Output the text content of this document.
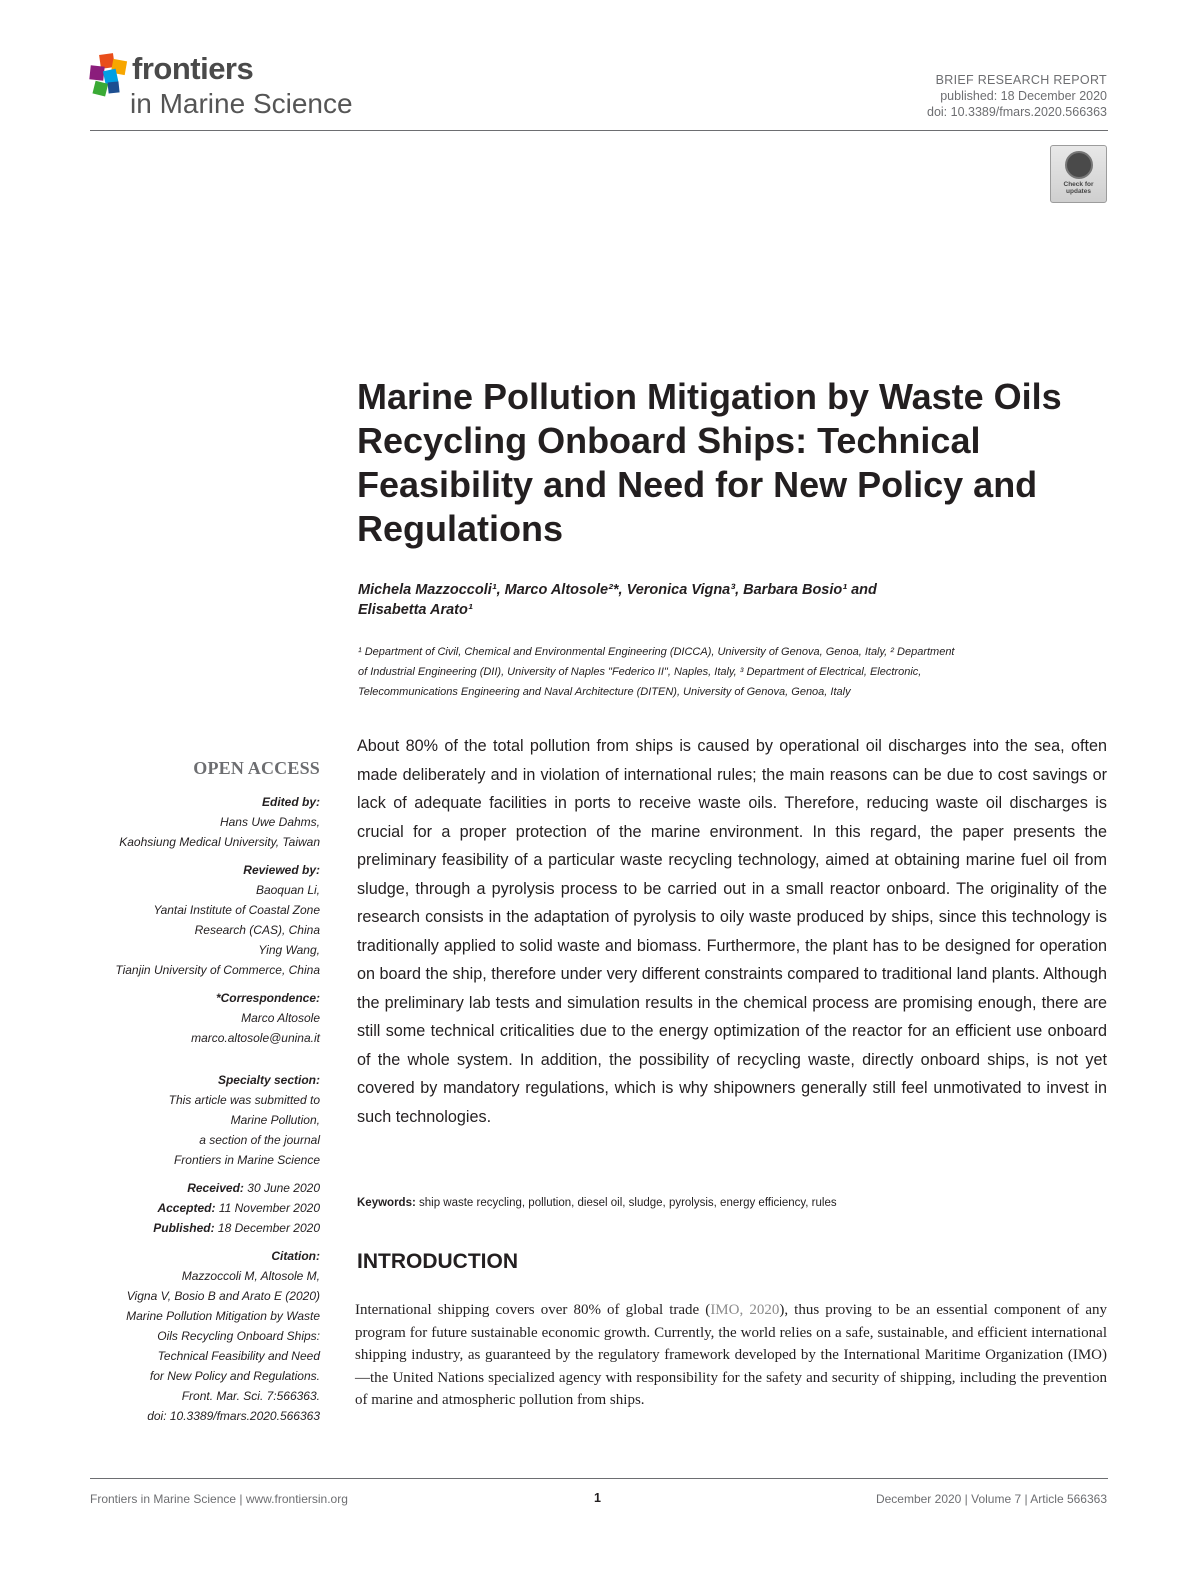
frontiers
in Marine Science
BRIEF RESEARCH REPORT
published: 18 December 2020
doi: 10.3389/fmars.2020.566363
Check for updates
Marine Pollution Mitigation by Waste Oils Recycling Onboard Ships: Technical Feasibility and Need for New Policy and Regulations
Michela Mazzoccoli¹, Marco Altosole²*, Veronica Vigna³, Barbara Bosio¹ and
Elisabetta Arato¹
¹ Department of Civil, Chemical and Environmental Engineering (DICCA), University of Genova, Genoa, Italy, ² Department
of Industrial Engineering (DII), University of Naples "Federico II", Naples, Italy, ³ Department of Electrical, Electronic,
Telecommunications Engineering and Naval Architecture (DITEN), University of Genova, Genoa, Italy

About 80% of the total pollution from ships is caused by operational oil discharges into the sea, often made deliberately and in violation of international rules; the main reasons can be due to cost savings or lack of adequate facilities in ports to receive waste oils. Therefore, reducing waste oil discharges is crucial for a proper protection of the marine environment. In this regard, the paper presents the preliminary feasibility of a particular waste recycling technology, aimed at obtaining marine fuel oil from sludge, through a pyrolysis process to be carried out in a small reactor onboard. The originality of the research consists in the adaptation of pyrolysis to oily waste produced by ships, since this technology is traditionally applied to solid waste and biomass. Furthermore, the plant has to be designed for operation on board the ship, therefore under very different constraints compared to traditional land plants. Although the preliminary lab tests and simulation results in the chemical process are promising enough, there are still some technical criticalities due to the energy optimization of the reactor for an efficient use onboard of the whole system. In addition, the possibility of recycling waste, directly onboard ships, is not yet covered by mandatory regulations, which is why shipowners generally still feel unmotivated to invest in such technologies.

Keywords: ship waste recycling, pollution, diesel oil, sludge, pyrolysis, energy efficiency, rules
INTRODUCTION

International shipping covers over 80% of global trade (IMO, 2020), thus proving to be an essential component of any program for future sustainable economic growth. Currently, the world relies on a safe, sustainable, and efficient international shipping industry, as guaranteed by the regulatory framework developed by the International Maritime Organization (IMO)—the United Nations specialized agency with responsibility for the safety and security of shipping, including the prevention of marine and atmospheric pollution from ships.

OPEN ACCESS
Edited by:
Hans Uwe Dahms,
Kaohsiung Medical University, Taiwan
Reviewed by:
Baoquan Li,
Yantai Institute of Coastal Zone
Research (CAS), China
Ying Wang,
Tianjin University of Commerce, China
*Correspondence:
Marco Altosole
marco.altosole@unina.it
Specialty section:
This article was submitted to
Marine Pollution,
a section of the journal
Frontiers in Marine Science
Received: 30 June 2020
Accepted: 11 November 2020
Published: 18 December 2020
Citation:
Mazzoccoli M, Altosole M,
Vigna V, Bosio B and Arato E (2020)
Marine Pollution Mitigation by Waste
Oils Recycling Onboard Ships:
Technical Feasibility and Need
for New Policy and Regulations.
Front. Mar. Sci. 7:566363.
doi: 10.3389/fmars.2020.566363
Frontiers in Marine Science | www.frontiersin.org	1	December 2020 | Volume 7 | Article 566363
